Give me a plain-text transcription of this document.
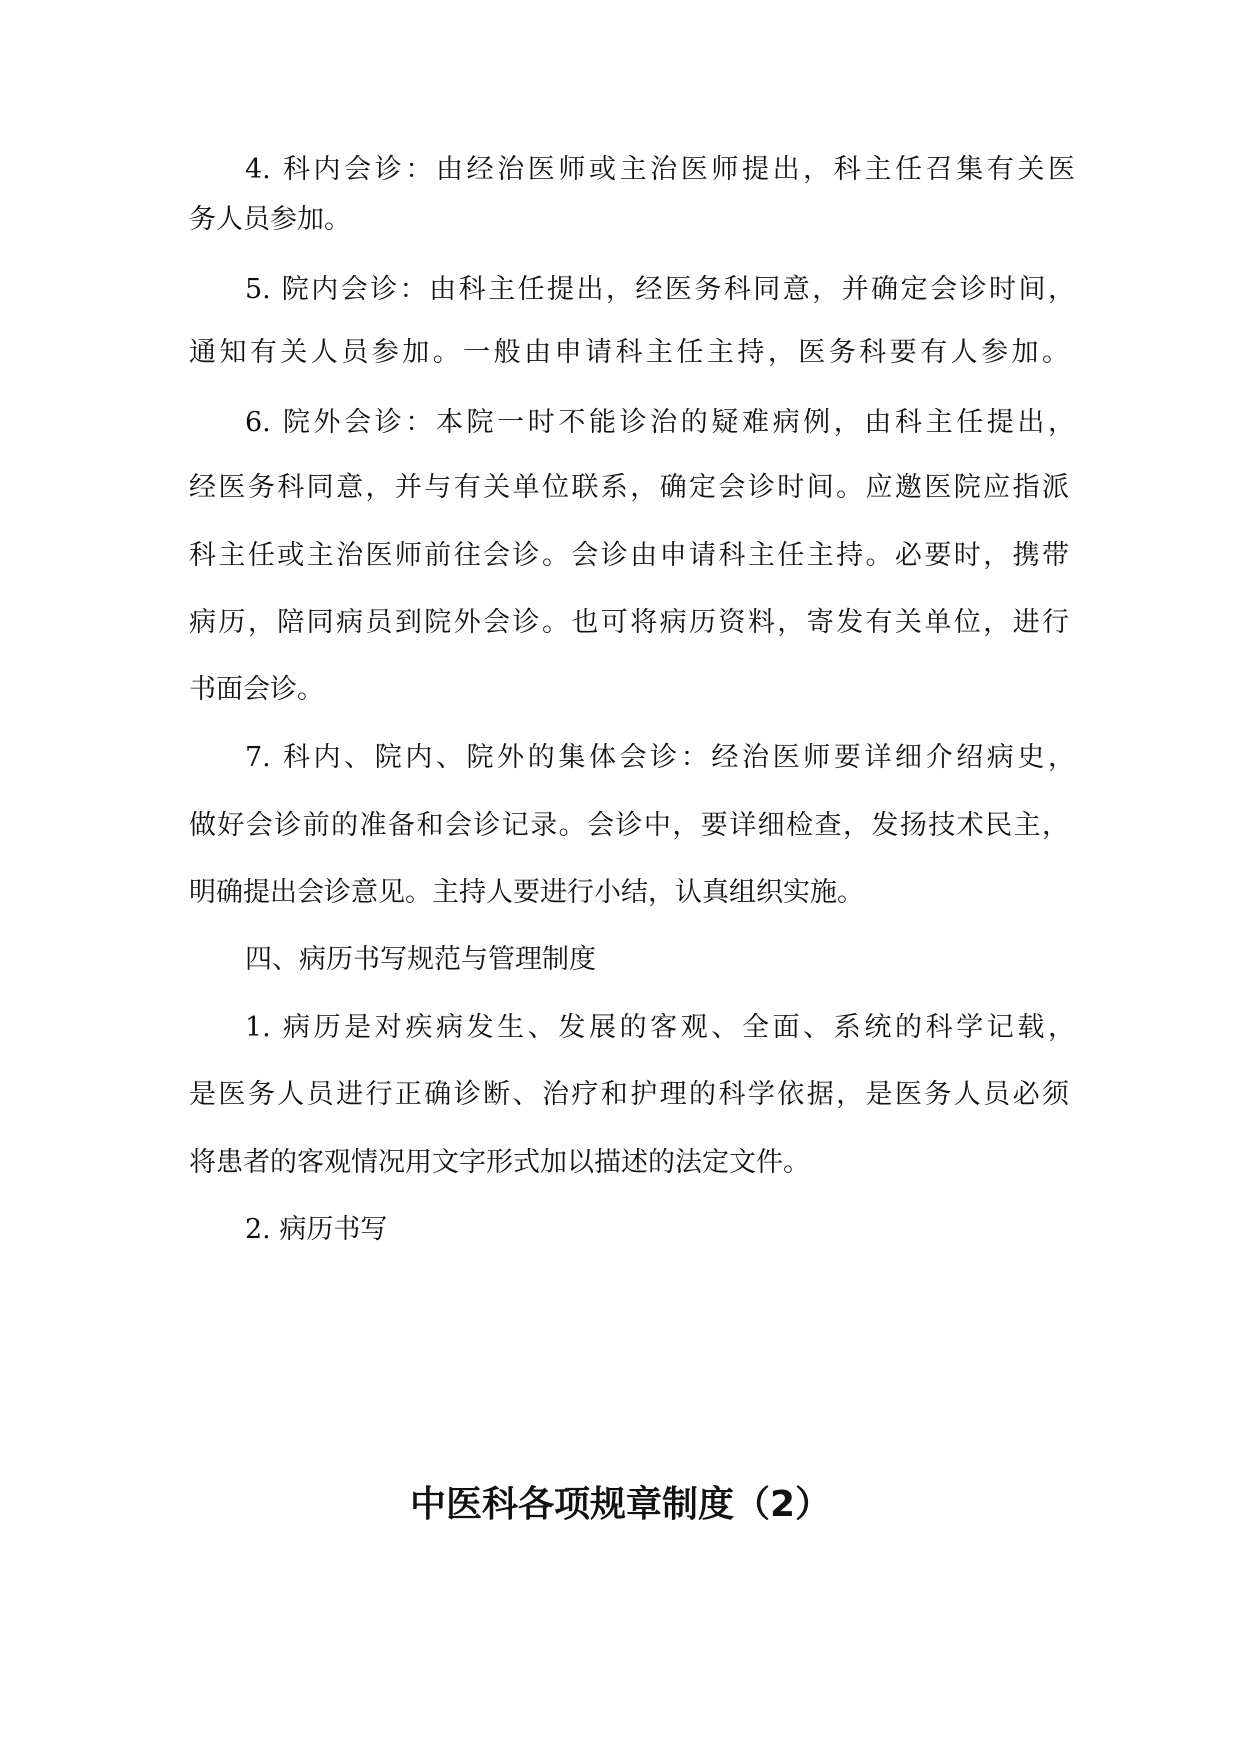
4. 科内会诊：由经治医师或主治医师提出，科主任召集有关医
务人员参加。
5. 院内会诊：由科主任提出，经医务科同意，并确定会诊时间，
通知有关人员参加。一般由申请科主任主持，医务科要有人参加。
6. 院外会诊：本院一时不能诊治的疑难病例，由科主任提出，
经医务科同意，并与有关单位联系，确定会诊时间。应邀医院应指派
科主任或主治医师前往会诊。会诊由申请科主任主持。必要时，携带
病历，陪同病员到院外会诊。也可将病历资料，寄发有关单位，进行
书面会诊。
7. 科内、院内、院外的集体会诊：经治医师要详细介绍病史，
做好会诊前的准备和会诊记录。会诊中，要详细检查，发扬技术民主，
明确提出会诊意见。主持人要进行小结，认真组织实施。
四、病历书写规范与管理制度
1. 病历是对疾病发生、发展的客观、全面、系统的科学记载，
是医务人员进行正确诊断、治疗和护理的科学依据，是医务人员必须
将患者的客观情况用文字形式加以描述的法定文件。
2. 病历书写
中医科各项规章制度（2）
